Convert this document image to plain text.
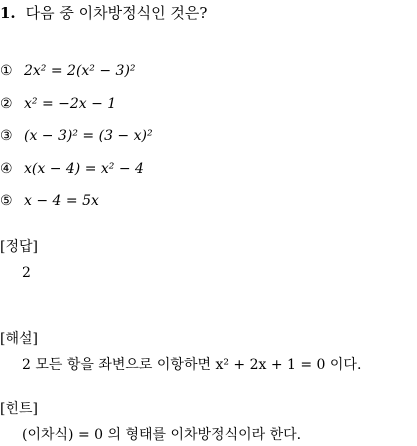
1. 다음 중 이차방정식인 것은?
① 2x² = 2(x² − 3)²
② x² = −2x − 1
③ (x − 3)² = (3 − x)²
④ x(x − 4) = x² − 4
⑤ x − 4 = 5x
[정답]
2
[해설]
2 모든 항을 좌변으로 이항하면 x² + 2x + 1 = 0 이다.
[힌트]
(이차식) = 0 의 형태를 이차방정식이라 한다.
